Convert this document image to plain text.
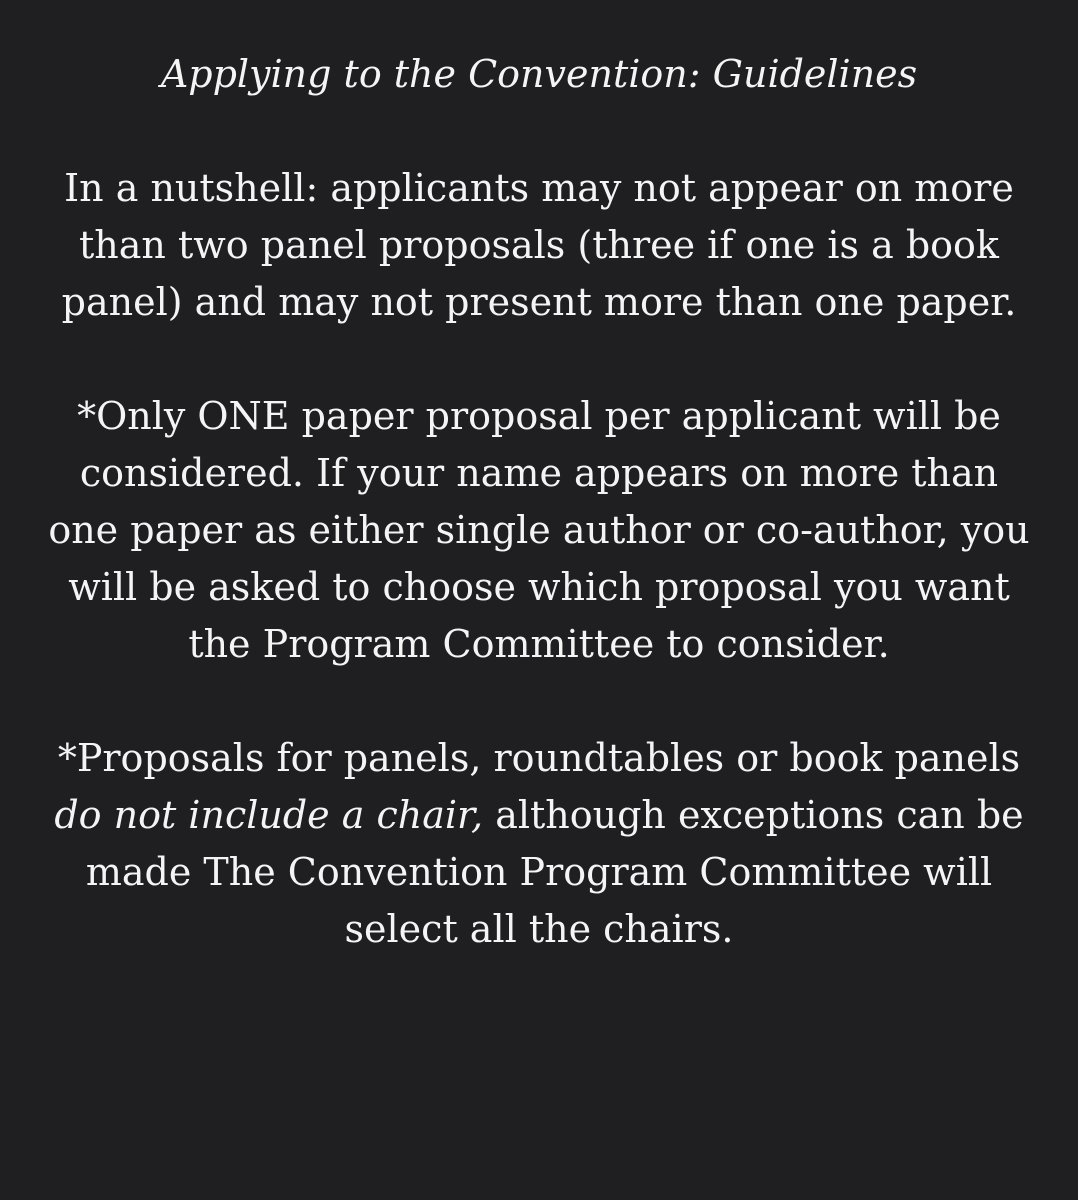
Applying to the Convention: Guidelines

In a nutshell: applicants may not appear on more than two panel proposals (three if one is a book panel) and may not present more than one paper.

*Only ONE paper proposal per applicant will be considered. If your name appears on more than one paper as either single author or co-author, you will be asked to choose which proposal you want the Program Committee to consider.

*Proposals for panels, roundtables or book panels do not include a chair, although exceptions can be made The Convention Program Committee will select all the chairs.
